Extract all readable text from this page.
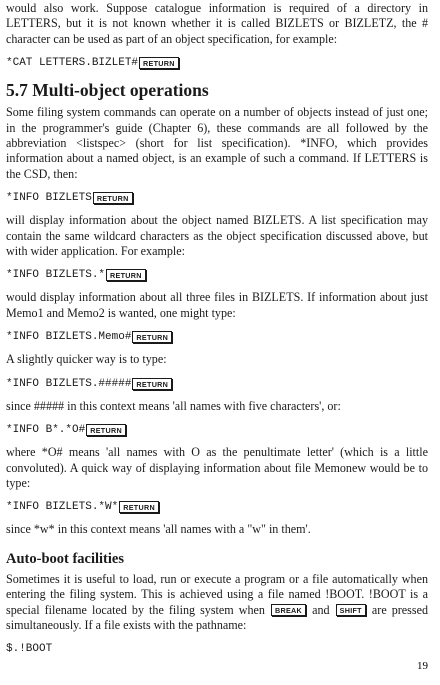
would also work. Suppose catalogue information is required of a directory in LETTERS, but it is not known whether it is called BIZLETS or BIZLETZ, the # character can be used as part of an object specification, for example:

*CAT LETTERS.BIZLET# RETURN
5.7 Multi-object operations

Some filing system commands can operate on a number of objects instead of just one; in the programmer's guide (Chapter 6), these commands are all followed by the abbreviation <listspec> (short for list specification). *INFO, which provides information about a named object, is an example of such a command. If LETTERS is the CSD, then:

*INFO BIZLETS RETURN

will display information about the object named BIZLETS. A list specification may contain the same wildcard characters as the object specification discussed above, but with wider application. For example:

*INFO BIZLETS.* RETURN

would display information about all three files in BIZLETS. If information about just Memo1 and Memo2 is wanted, one might type:

*INFO BIZLETS.Memo# RETURN

A slightly quicker way is to type:

*INFO BIZLETS.##### RETURN

since ##### in this context means 'all names with five characters', or:

*INFO B*.*O# RETURN

where *O# means 'all names with O as the penultimate letter' (which is a little convoluted). A quick way of displaying information about file Memonew would be to type:

*INFO BIZLETS.*W* RETURN

since *w* in this context means 'all names with a "w" in them'.

Auto-boot facilities

Sometimes it is useful to load, run or execute a program or a file automatically when entering the filing system. This is achieved using a file named !BOOT. !BOOT is a special filename located by the filing system when BREAK and SHIFT are pressed simultaneously. If a file exists with the pathname:

$.!BOOT
19
